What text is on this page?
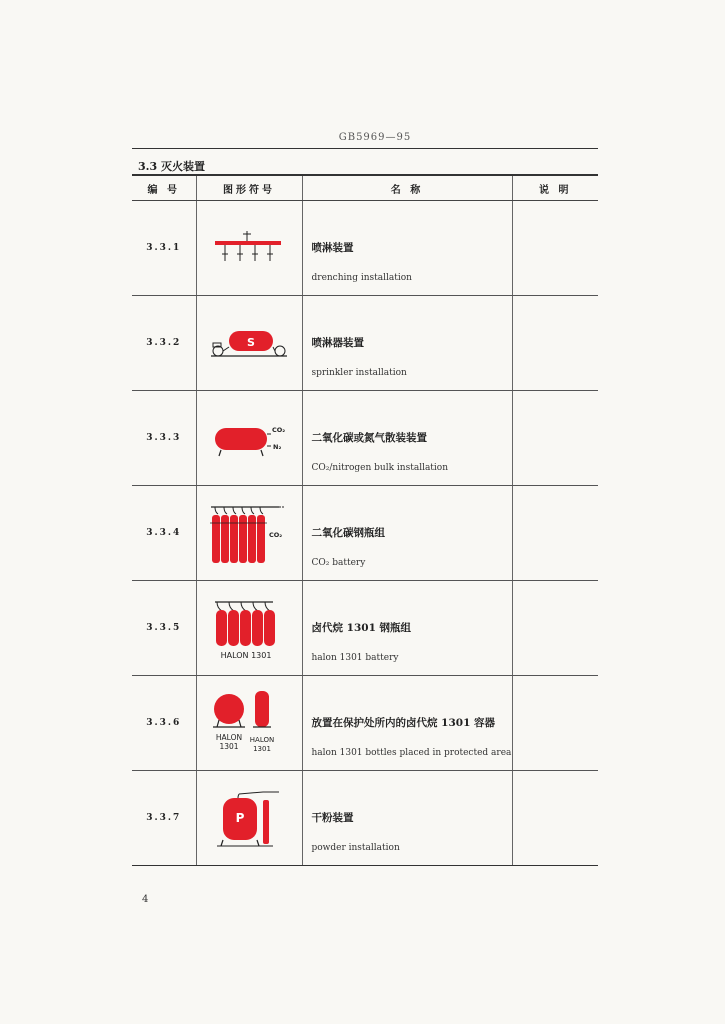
GB5969—95
3.3 灭火装置
编 号	图形符号	名 称	说 明
3.3.1		喷淋装置
drenching installation	

3.3.2	S	喷淋器装置
sprinkler installation	

3.3.3	CO₂
N₂	二氧化碳或氮气散装装置
CO₂/nitrogen bulk installation	

3.3.4	CO₂	二氧化碳钢瓶组
CO₂ battery	

3.3.5	HALON 1301	卤代烷 1301 钢瓶组
halon 1301 battery	

3.3.6	HALON
1301
HALON
1301	放置在保护处所内的卤代烷 1301 容器
halon 1301 bottles placed in protected area	

3.3.7	P	干粉装置
powder installation	

4
